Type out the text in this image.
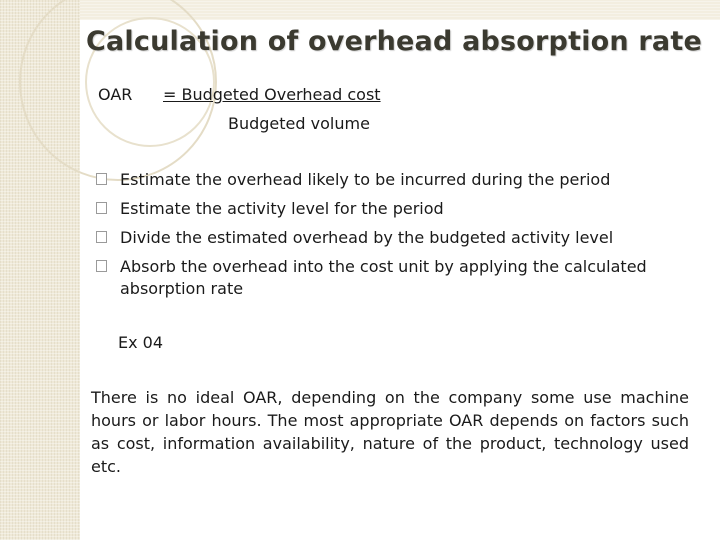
Calculation of overhead absorption rate
OAR = Budgeted Overhead cost
Budgeted volume
Estimate the overhead likely to be incurred during the period
Estimate the activity level for the period
Divide the estimated overhead by the budgeted activity level
Absorb the overhead into the cost unit by applying the calculated absorption rate
Ex 04

There is no ideal OAR, depending on the company some use machine hours or labor hours. The most appropriate OAR depends on factors such as cost, information availability, nature of the product, technology used etc.
